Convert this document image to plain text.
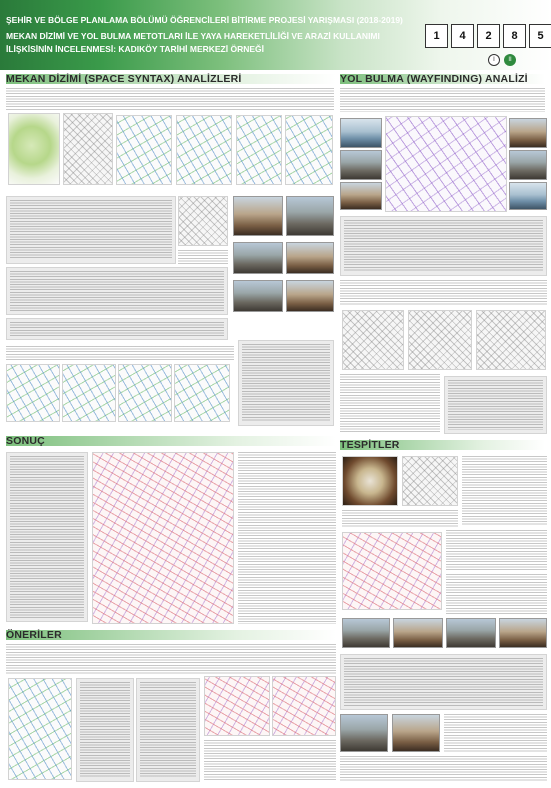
ŞEHİR VE BÖLGE PLANLAMA BÖLÜMÜ ÖĞRENCİLERİ BİTİRME PROJESİ YARIŞMASI (2018-2019)
MEKAN DİZİMİ VE YOL BULMA METOTLARI İLE YAYA HAREKETLİLİĞİ VE ARAZİ KULLANIMI
İLİŞKİSİNİN İNCELENMESİ: KADIKÖY TARİHİ MERKEZİ ÖRNEĞİ
1	4	2	8	5
I	II
MEKAN DİZİMİ (SPACE SYNTAX) ANALİZLERİ	YOL BULMA (WAYFINDING) ANALİZİ
SONUÇ	TESPİTLER
ÖNERİLER
